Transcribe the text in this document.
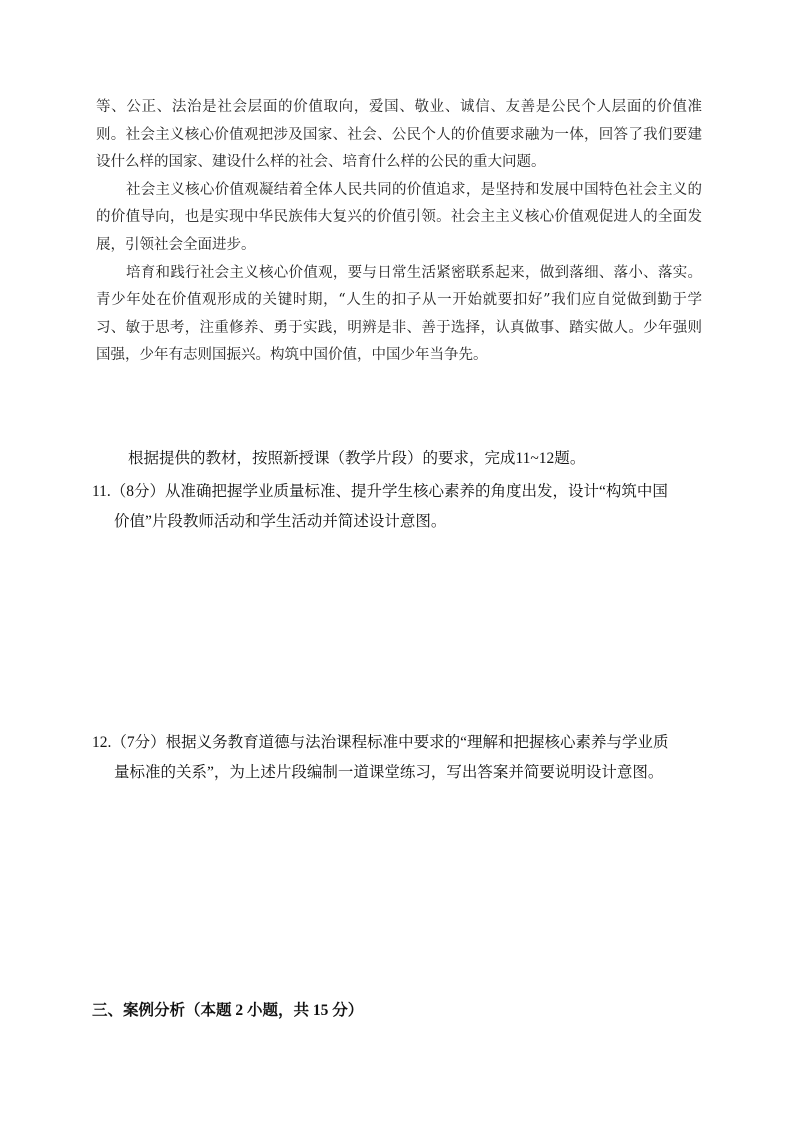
等、公正、法治是社会层面的价值取向，爱国、敬业、诚信、友善是公民个人层面的价值准则。社会主义核心价值观把涉及国家、社会、公民个人的价值要求融为一体，回答了我们要建设什么样的国家、建设什么样的社会、培育什么样的公民的重大问题。

社会主义核心价值观凝结着全体人民共同的价值追求，是坚持和发展中国特色社会主义的的价值导向，也是实现中华民族伟大复兴的价值引领。社会主主义核心价值观促进人的全面发展，引领社会全面进步。

培育和践行社会主义核心价值观，要与日常生活紧密联系起来，做到落细、落小、落实。青少年处在价值观形成的关键时期，“人生的扣子从一开始就要扣好”我们应自觉做到勤于学习、敏于思考，注重修养、勇于实践，明辨是非、善于选择，认真做事、踏实做人。少年强则国强，少年有志则国振兴。构筑中国价值，中国少年当争先。

根据提供的教材，按照新授课（教学片段）的要求，完成11~12题。
11.（8分）从准确把握学业质量标准、提升学生核心素养的角度出发，设计“构筑中国
价值”片段教师活动和学生活动并简述设计意图。
12.（7分）根据义务教育道德与法治课程标准中要求的“理解和把握核心素养与学业质
量标准的关系”，为上述片段编制一道课堂练习，写出答案并简要说明设计意图。
三、案例分析（本题 2 小题，共 15 分）
